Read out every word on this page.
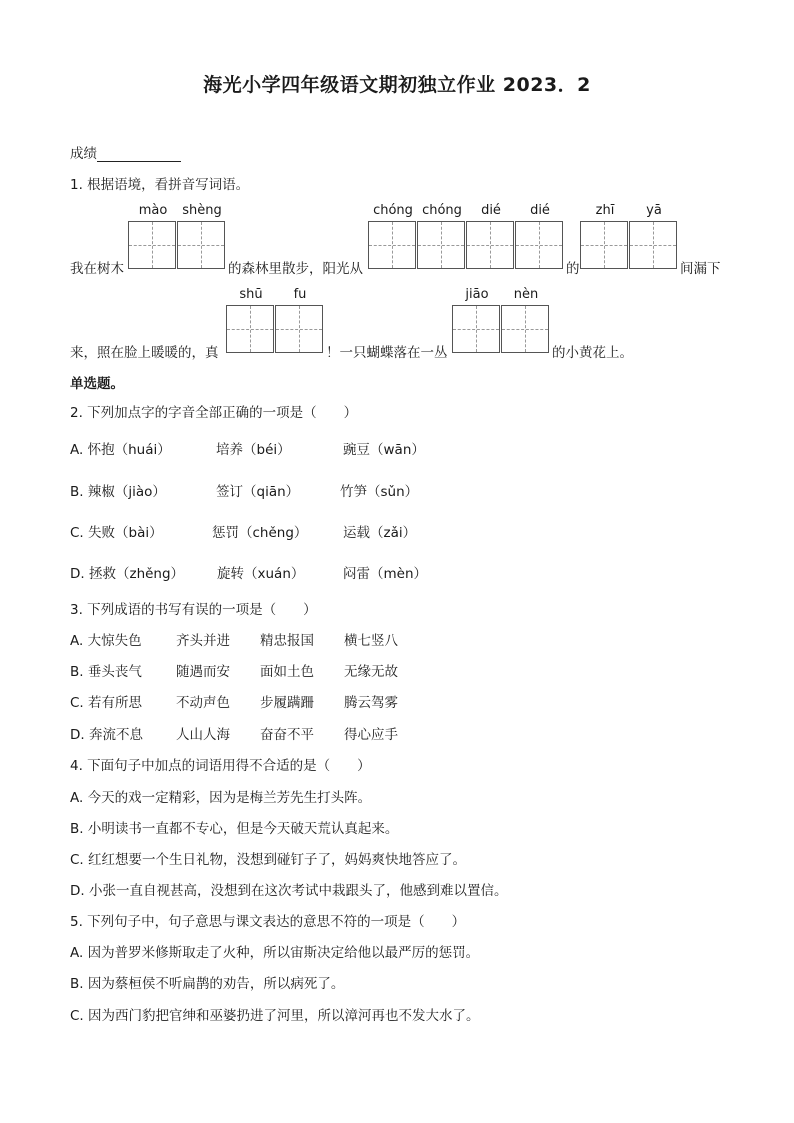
海光小学四年级语文期初独立作业 2023．2
成绩
1. 根据语境，看拼音写词语。
mào	shèng	chóng chóng	dié	dié	zhī	yā
我在树木	的森林里散步，阳光从	的	间漏下
shū	fu	jiāo	nèn
来，照在脸上暖暖的，真	！一只蝴蝶落在一丛	的小黄花上。
单选题。
2. 下列加点字的字音全部正确的一项是（　　）
A. 怀抱（huái）	培养（béi）	豌豆（wān）
B. 辣椒（jiào）	签订（qiān）	竹笋（sǔn）
C. 失败（bài）	惩罚（chěng）	运载（zǎi）
D. 拯救（zhěng） 旋转（xuán）	闷雷（mèn）
3. 下列成语的书写有误的一项是（　　）
A. 大惊失色	齐头并进 精忠报国 横七竖八
B. 垂头丧气	随遇而安 面如土色 无缘无故
C. 若有所思	不动声色 步履蹒跚 腾云驾雾
D. 奔流不息 人山人海 奋奋不平 得心应手
4. 下面句子中加点的词语用得不合适的是（　　）
A. 今天的戏一定精彩，因为是梅兰芳先生打头阵。
B. 小明读书一直都不专心，但是今天破天荒认真起来。
C. 红红想要一个生日礼物，没想到碰钉子了，妈妈爽快地答应了。
D. 小张一直自视甚高，没想到在这次考试中栽跟头了，他感到难以置信。
5. 下列句子中，句子意思与课文表达的意思不符的一项是（　　）
A. 因为普罗米修斯取走了火种，所以宙斯决定给他以最严厉的惩罚。
B. 因为蔡桓侯不听扁鹊的劝告，所以病死了。
C. 因为西门豹把官绅和巫婆扔进了河里，所以漳河再也不发大水了。
